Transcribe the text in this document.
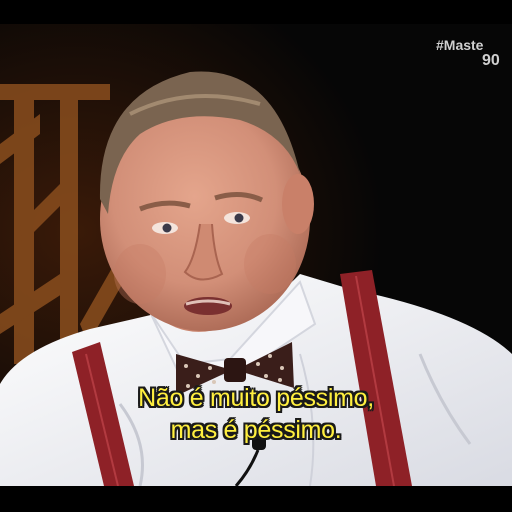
#Maste
90
Não é muito péssimo,
mas é péssimo.
